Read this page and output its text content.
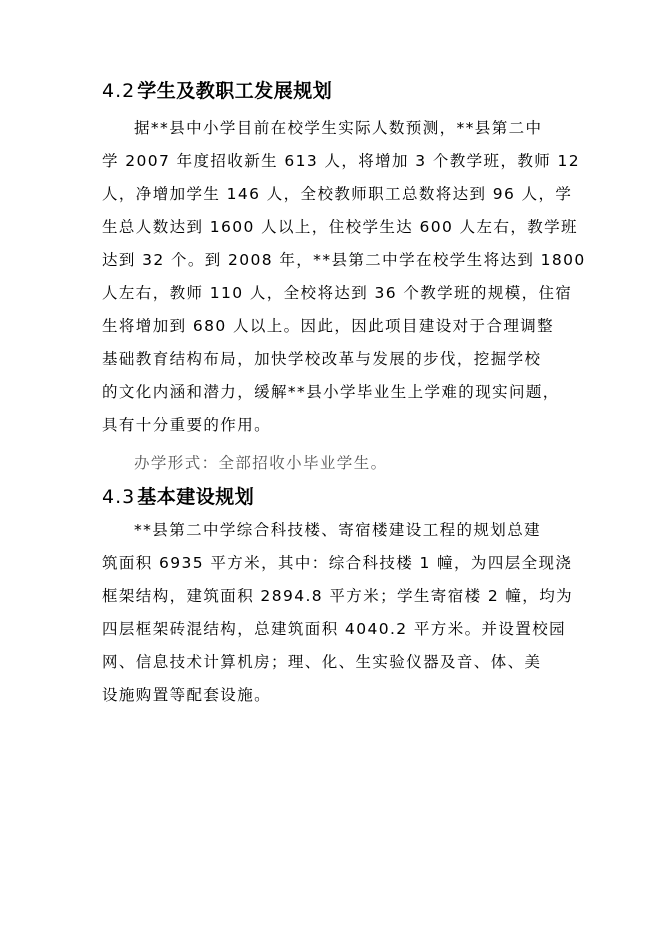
4.2 学生及教职工发展规划
据**县中小学目前在校学生实际人数预测，**县第二中
学 2007 年度招收新生 613 人，将增加 3 个教学班，教师 12
人，净增加学生 146 人，全校教师职工总数将达到 96 人，学
生总人数达到 1600 人以上，住校学生达 600 人左右，教学班
达到 32 个。到 2008 年，**县第二中学在校学生将达到 1800
人左右，教师 110 人，全校将达到 36 个教学班的规模，住宿
生将增加到 680 人以上。因此，因此项目建设对于合理调整
基础教育结构布局，加快学校改革与发展的步伐，挖掘学校
的文化内涵和潜力，缓解**县小学毕业生上学难的现实问题，
具有十分重要的作用。
办学形式：全部招收小毕业学生。
4.3 基本建设规划
**县第二中学综合科技楼、寄宿楼建设工程的规划总建
筑面积 6935 平方米，其中：综合科技楼 1 幢，为四层全现浇
框架结构，建筑面积 2894.8 平方米；学生寄宿楼 2 幢，均为
四层框架砖混结构，总建筑面积 4040.2 平方米。并设置校园
网、信息技术计算机房；理、化、生实验仪器及音、体、美
设施购置等配套设施。
